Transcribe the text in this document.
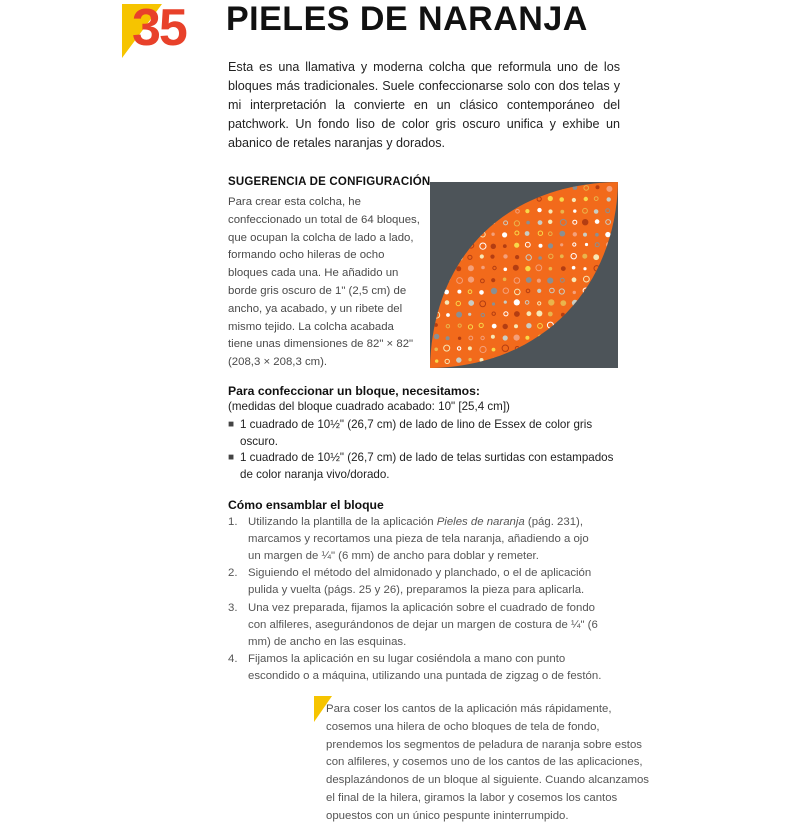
35 PIELES DE NARANJA

Esta es una llamativa y moderna colcha que reformula uno de los bloques más tradicionales. Suele confeccionarse solo con dos telas y mi interpretación la convierte en un clásico contemporáneo del patchwork. Un fondo liso de color gris oscuro unifica y exhibe un abanico de retales naranjas y dorados.

SUGERENCIA DE CONFIGURACIÓN

Para crear esta colcha, he confeccionado un total de 64 bloques, que ocupan la colcha de lado a lado, formando ocho hileras de ocho bloques cada una. He añadido un borde gris oscuro de 1" (2,5 cm) de ancho, ya acabado, y un ribete del mismo tejido. La colcha acabada tiene unas dimensiones de 82" × 82" (208,3 × 208,3 cm).

Para confeccionar un bloque, necesitamos:
(medidas del bloque cuadrado acabado: 10" [25,4 cm])
■ 1 cuadrado de 10½" (26,7 cm) de lado de lino de Essex de color gris oscuro.
■ 1 cuadrado de 10½" (26,7 cm) de lado de telas surtidas con estampados de color naranja vivo/dorado.
Cómo ensamblar el bloque
1. Utilizando la plantilla de la aplicación Pieles de naranja (pág. 231), marcamos y recortamos una pieza de tela naranja, añadiendo a ojo un margen de ¼" (6 mm) de ancho para doblar y remeter.
2. Siguiendo el método del almidonado y planchado, o el de aplicación pulida y vuelta (págs. 25 y 26), preparamos la pieza para aplicarla.
3. Una vez preparada, fijamos la aplicación sobre el cuadrado de fondo con alfileres, asegurándonos de dejar un margen de costura de ¼" (6 mm) de ancho en las esquinas.
4. Fijamos la aplicación en su lugar cosiéndola a mano con punto escondido o a máquina, utilizando una puntada de zigzag o de festón.

Para coser los cantos de la aplicación más rápidamente, cosemos una hilera de ocho bloques de tela de fondo, prendemos los segmentos de peladura de naranja sobre estos con alfileres, y cosemos uno de los cantos de las aplicaciones, desplazándonos de un bloque al siguiente. Cuando alcanzamos el final de la hilera, giramos la labor y cosemos los cantos opuestos con un único pespunte ininterrumpido.
